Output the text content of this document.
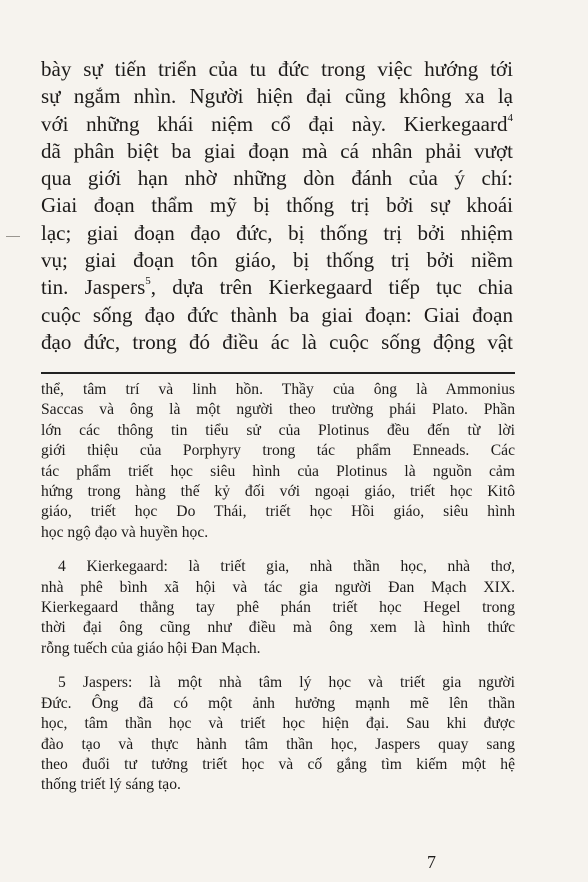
bày sự tiến triển của tu đức trong việc hướng tới
sự ngắm nhìn. Người hiện đại cũng không xa lạ
với những khái niệm cổ đại này. Kierkegaard$^4$
dã phân biệt ba giai đoạn mà cá nhân phải vượt
qua giới hạn nhờ những dòn đánh của ý chí:
Giai đoạn thẩm mỹ bị thống trị bởi sự khoái
lạc; giai đoạn đạo đức, bị thống trị bởi nhiệm
vụ; giai đoạn tôn giáo, bị thống trị bởi niềm
tin. Jaspers$^5$, dựa trên Kierkegaard tiếp tục chia
cuộc sống đạo đức thành ba giai đoạn: Giai đoạn
đạo đức, trong đó điều ác là cuộc sống động vật
thể, tâm trí và linh hồn. Thầy của ông là Ammonius
Saccas và ông là một người theo trường phái Plato. Phần
lớn các thông tin tiểu sử của Plotinus đều đến từ lời
giới thiệu của Porphyry trong tác phẩm Enneads. Các
tác phẩm triết học siêu hình của Plotinus là nguồn cảm
hứng trong hàng thế kỷ đối với ngoại giáo, triết học Kitô
giáo, triết học Do Thái, triết học Hồi giáo, siêu hình
học ngộ đạo và huyền học.
4 Kierkegaard: là triết gia, nhà thần học, nhà thơ,
nhà phê bình xã hội và tác gia người Đan Mạch XIX.
Kierkegaard thẳng tay phê phán triết học Hegel trong
thời đại ông cũng như điều mà ông xem là hình thức
rỗng tuếch của giáo hội Đan Mạch.
5 Jaspers: là một nhà tâm lý học và triết gia người
Đức. Ông đã có một ảnh hưởng mạnh mẽ lên thần
học, tâm thần học và triết học hiện đại. Sau khi được
đào tạo và thực hành tâm thần học, Jaspers quay sang
theo đuổi tư tưởng triết học và cố gắng tìm kiếm một hệ
thống triết lý sáng tạo.
7
